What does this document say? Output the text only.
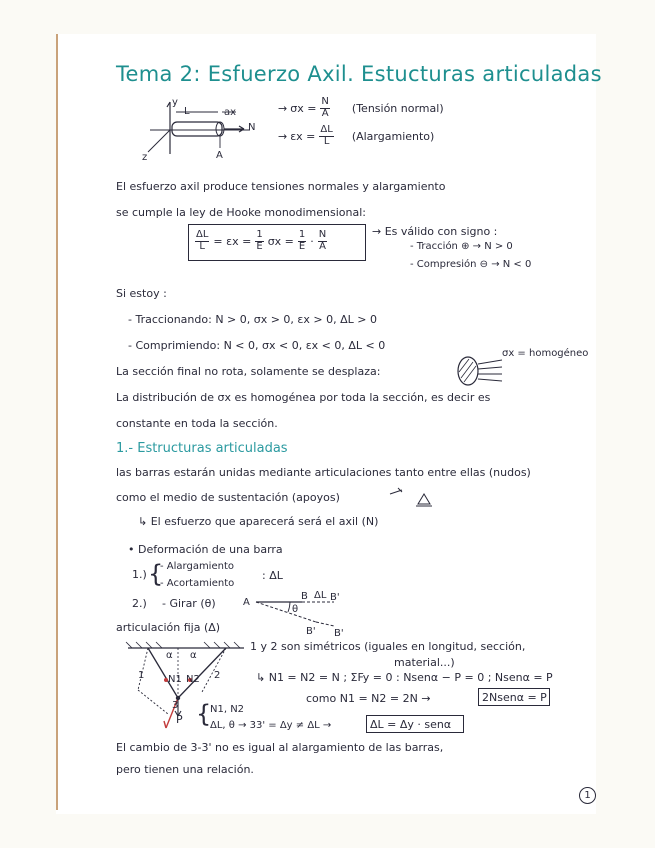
Tema 2: Esfuerzo Axil. Estucturas articuladas
y
z
L	ax
N
A
→ $\sigma x = \frac{N}{A}$ (Tensión normal)
→ $\varepsilon x = \frac{\Delta L}{L}$ (Alargamiento)
El esfuerzo axil produce tensiones normales y alargamiento
se cumple la ley de Hooke monodimensional:
$\frac{\Delta L}{L} = \varepsilon x = \frac{1}{E}$ $\sigma x = \frac{1}{E} \cdot \frac{N}{A}$	→ Es válido con signo :
- Tracción ⊕ → N > 0
- Compresión ⊖ → N < 0
Si estoy :
- Traccionando: N > 0, σx > 0, εx > 0, ΔL > 0
- Comprimiendo: N < 0, σx < 0, εx < 0, ΔL < 0
La sección final no rota, solamente se desplaza:
σx = homogéneo
La distribución de σx es homogénea por toda la sección, es decir es
constante en toda la sección.
1.- Estructuras articuladas
las barras estarán unidas mediante articulaciones tanto entre ellas (nudos)
como el medio de sustentación (apoyos)
↳ El esfuerzo que aparecerá será el axil (N)
• Deformación de una barra
1.) {
- Alargamiento
- Acortamiento
: ΔL
2.) - Girar (θ)	A
B ΔL B'
θ
B' B'
articulación fija (Δ)
α α
N1 N2
1	2
3
P
1 y 2 son simétricos (iguales en longitud, sección,
material...)
↳ N1 = N2 = N ; ΣFy = 0 : Nsenα − P = 0 ; Nsenα = P
como N1 = N2 = 2N →	2Nsenα = P
{
N1, N2
ΔL, θ → 33' = Δy ≠ ΔL →	ΔL = Δy · senα
El cambio de 3-3' no es igual al alargamiento de las barras,
pero tienen una relación.
1
